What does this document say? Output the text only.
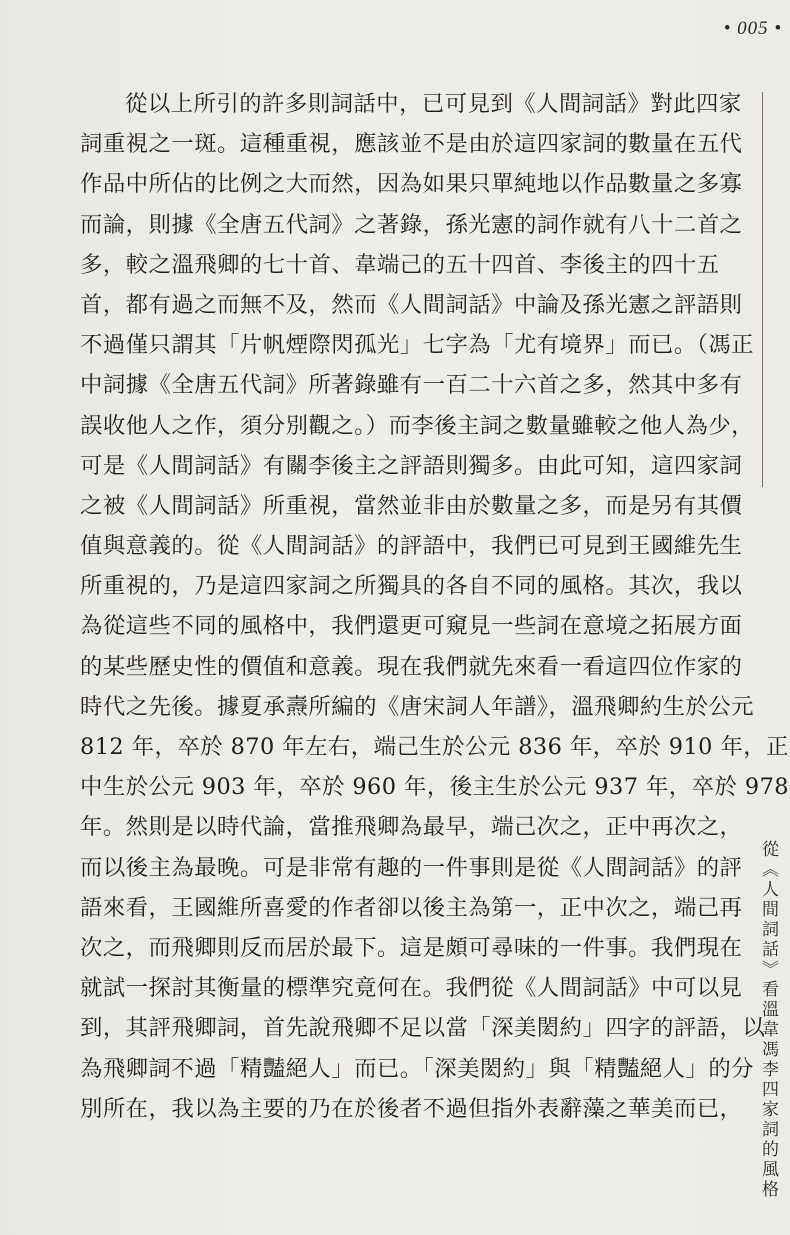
• 005 •
從以上所引的許多則詞話中，已可見到《人間詞話》對此四家
詞重視之一斑。這種重視，應該並不是由於這四家詞的數量在五代
作品中所佔的比例之大而然，因為如果只單純地以作品數量之多寡
而論，則據《全唐五代詞》之著錄，孫光憲的詞作就有八十二首之
多，較之溫飛卿的七十首、韋端己的五十四首、李後主的四十五
首，都有過之而無不及，然而《人間詞話》中論及孫光憲之評語則
不過僅只謂其「片帆煙際閃孤光」七字為「尤有境界」而已。（馮正
中詞據《全唐五代詞》所著錄雖有一百二十六首之多，然其中多有
誤收他人之作，須分別觀之。）而李後主詞之數量雖較之他人為少，
可是《人間詞話》有關李後主之評語則獨多。由此可知，這四家詞
之被《人間詞話》所重視，當然並非由於數量之多，而是另有其價
值與意義的。從《人間詞話》的評語中，我們已可見到王國維先生
所重視的，乃是這四家詞之所獨具的各自不同的風格。其次，我以
為從這些不同的風格中，我們還更可窺見一些詞在意境之拓展方面
的某些歷史性的價值和意義。現在我們就先來看一看這四位作家的
時代之先後。據夏承燾所編的《唐宋詞人年譜》，溫飛卿約生於公元
812 年，卒於 870 年左右，端己生於公元 836 年，卒於 910 年，正
中生於公元 903 年，卒於 960 年，後主生於公元 937 年，卒於 978
年。然則是以時代論，當推飛卿為最早，端己次之，正中再次之，
而以後主為最晚。可是非常有趣的一件事則是從《人間詞話》的評
語來看，王國維所喜愛的作者卻以後主為第一，正中次之，端己再
次之，而飛卿則反而居於最下。這是頗可尋味的一件事。我們現在
就試一探討其衡量的標準究竟何在。我們從《人間詞話》中可以見
到，其評飛卿詞，首先說飛卿不足以當「深美閎約」四字的評語，以
為飛卿詞不過「精豔絕人」而已。「深美閎約」與「精豔絕人」的分
別所在，我以為主要的乃在於後者不過但指外表辭藻之華美而已， 從《人間詞話》看溫韋馮李四家詞的風格
